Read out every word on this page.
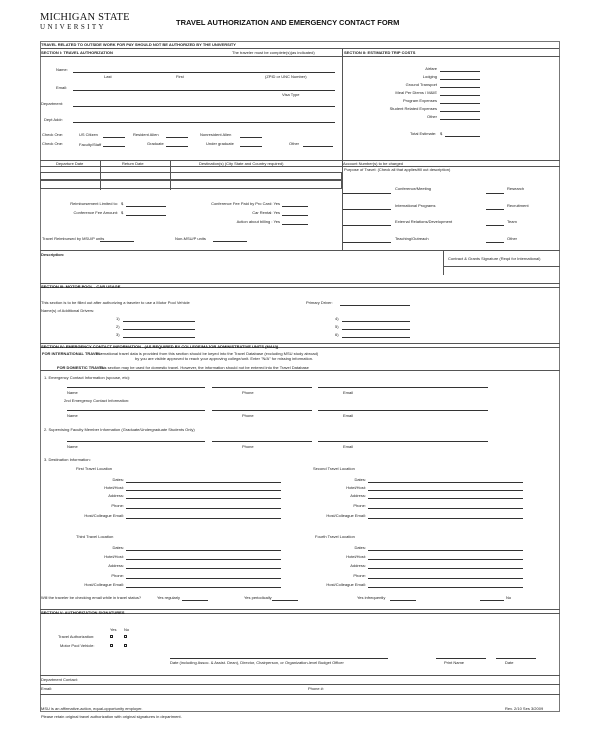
MICHIGAN STATE
UNIVERSITY	TRAVEL AUTHORIZATION AND EMERGENCY CONTACT FORM
TRAVEL RELATED TO OUTSIDE WORK FOR PAY SHOULD NOT BE AUTHORIZED BY THE UNIVERSITY
SECTION I: TRAVEL AUTHORIZATION	The traveler must be complete(s)(as indicated)	SECTION II: ESTIMATED TRIP COSTS
Name:
Last	First	(ZPID or UNC Number)
Email:
Visa Type
Department:
Dept Addr:
Check One:	US Citizen	Resident Alien	Nonresident Alien
Check One:	Faculty/Staff	Graduate	Under graduate	Other
Airfare
Lodging
Ground Transport
Meal Per Diems / M&IE
Program Expenses
Student Related Expenses
Other
Total Estimate: $
Departure Date	Return Date	Destination(s) (City State and Country required)	Account Number(s) to be charged
Purpose of Travel: (Check all that applies/fill out description)
Conference/Meeting	Research
International Programs	Recruitment
External Relations/Development	Team
Teaching/Outreach	Other
Reimbursement Limited to: $
Conference Fee Amount: $
Conference Fee Paid by Pro Card: Yes
Car Rental: Yes
Action about billing : Yes
Travel Reimbursed by MSU/P units	Non-MSU/P units
Description:
Contract & Grants Signature (Reqd for International)
SECTION III: MOTOR POOL - CAR USAGE
This section is to be filled out after authorizing a traveler to use a Motor Pool Vehicle	Primary Driver:
Name(s) of Additional Drivers:
1)
2)
3)
4)
5)
6)
SECTION IV: EMERGENCY CONTACT INFORMATION - (AS REQUIRED BY COLLEGE/MAJOR ADMINISTRATIVE UNITS (MAU))
FOR INTERNATIONAL TRAVEL:
International travel data is provided from this section should be keyed into the Travel Database (excluding MSU study abroad)
by you are visible approved to reach your approving college/unit. Enter "N/A" for missing information.
FOR DOMESTIC TRAVEL:
This section may be used for domestic travel. However, the information should not be entered into the Travel Database
1. Emergency Contact Information (spouse, etc):
Name	Phone	Email
2nd Emergency Contact Information:
Name	Phone	Email
2. Supervising Faculty Member Information (Graduate/Undergraduate Students Only)
Name	Phone	Email
3. Destination Information:
First Travel Location	Second Travel Location
Dates:
Hotel/Host:
Address:
Phone:
Host/Colleague Email:
Dates:
Hotel/Host:
Address:
Phone:
Host/Colleague Email:
Third Travel Location	Fourth Travel Location
Dates:
Hotel/Host:
Address:
Phone:
Host/Colleague Email:
Dates:
Hotel/Host:
Address:
Phone:
Host/Colleague Email:
Will the traveler be checking email while in travel status?	Yes regularly	Yes periodically	Yes infrequently	No
SECTION V: AUTHORIZATION SIGNATURES
Yes No
Travel Authorization:
Motor Pool Vehicle:
Date (including Assoc. & Assist. Dean), Director, Chairperson, or Organization-level Budget Officer	Print Name	Date
Department Contact:
Email:	Phone #:
MSU is an affirmative-action, equal-opportunity employer.	Rev. 2/10 Ses 3/2009
Please retain original travel authorization with original signatures in department.
